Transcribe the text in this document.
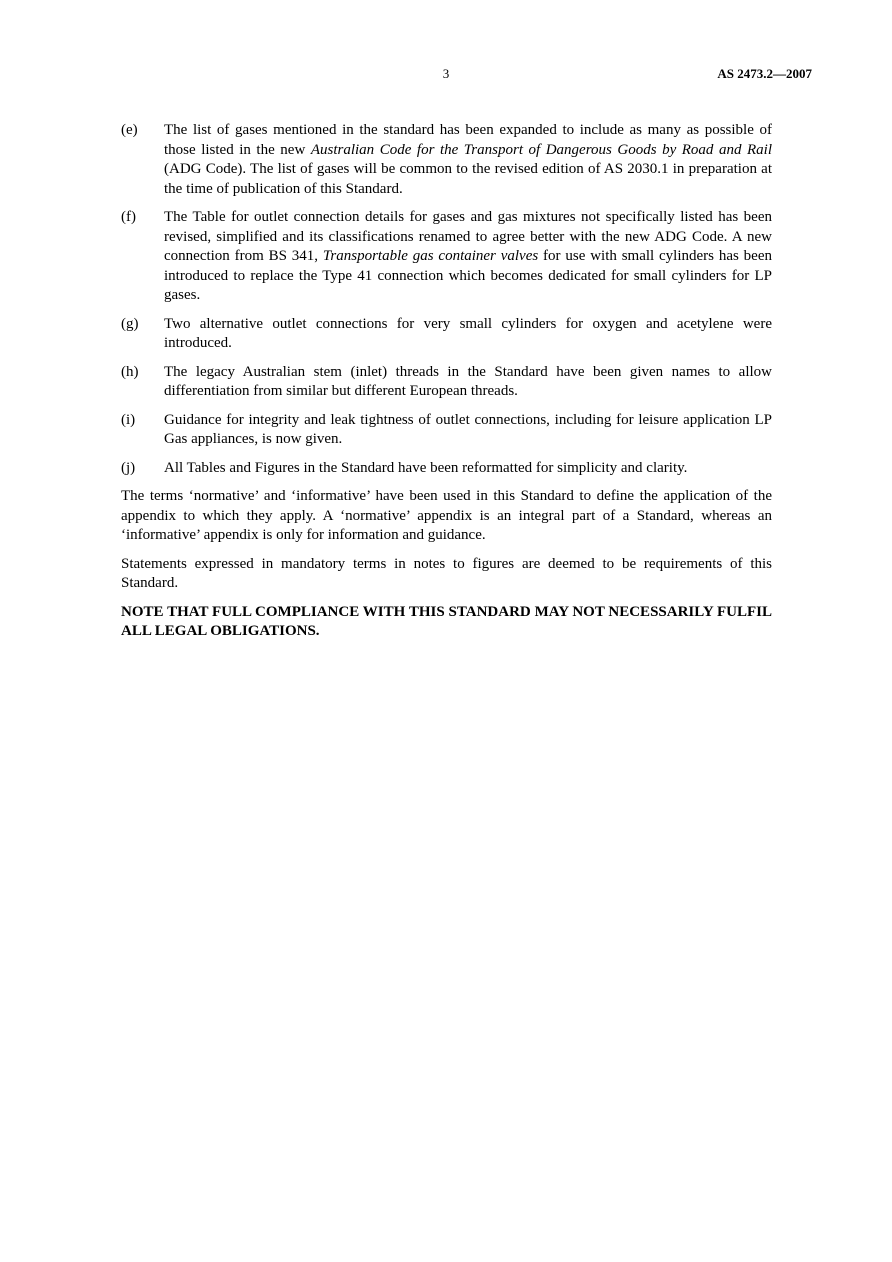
3	AS 2473.2—2007
(e)	The list of gases mentioned in the standard has been expanded to include as many as possible of those listed in the new Australian Code for the Transport of Dangerous Goods by Road and Rail (ADG Code). The list of gases will be common to the revised edition of AS 2030.1 in preparation at the time of publication of this Standard.
(f)	The Table for outlet connection details for gases and gas mixtures not specifically listed has been revised, simplified and its classifications renamed to agree better with the new ADG Code. A new connection from BS 341, Transportable gas container valves for use with small cylinders has been introduced to replace the Type 41 connection which becomes dedicated for small cylinders for LP gases.
(g)	Two alternative outlet connections for very small cylinders for oxygen and acetylene were introduced.
(h)	The legacy Australian stem (inlet) threads in the Standard have been given names to allow differentiation from similar but different European threads.
(i)	Guidance for integrity and leak tightness of outlet connections, including for leisure application LP Gas appliances, is now given.
(j)	All Tables and Figures in the Standard have been reformatted for simplicity and clarity.

The terms ‘normative’ and ‘informative’ have been used in this Standard to define the application of the appendix to which they apply. A ‘normative’ appendix is an integral part of a Standard, whereas an ‘informative’ appendix is only for information and guidance.

Statements expressed in mandatory terms in notes to figures are deemed to be requirements of this Standard.

NOTE THAT FULL COMPLIANCE WITH THIS STANDARD MAY NOT NECESSARILY FULFIL ALL LEGAL OBLIGATIONS.
